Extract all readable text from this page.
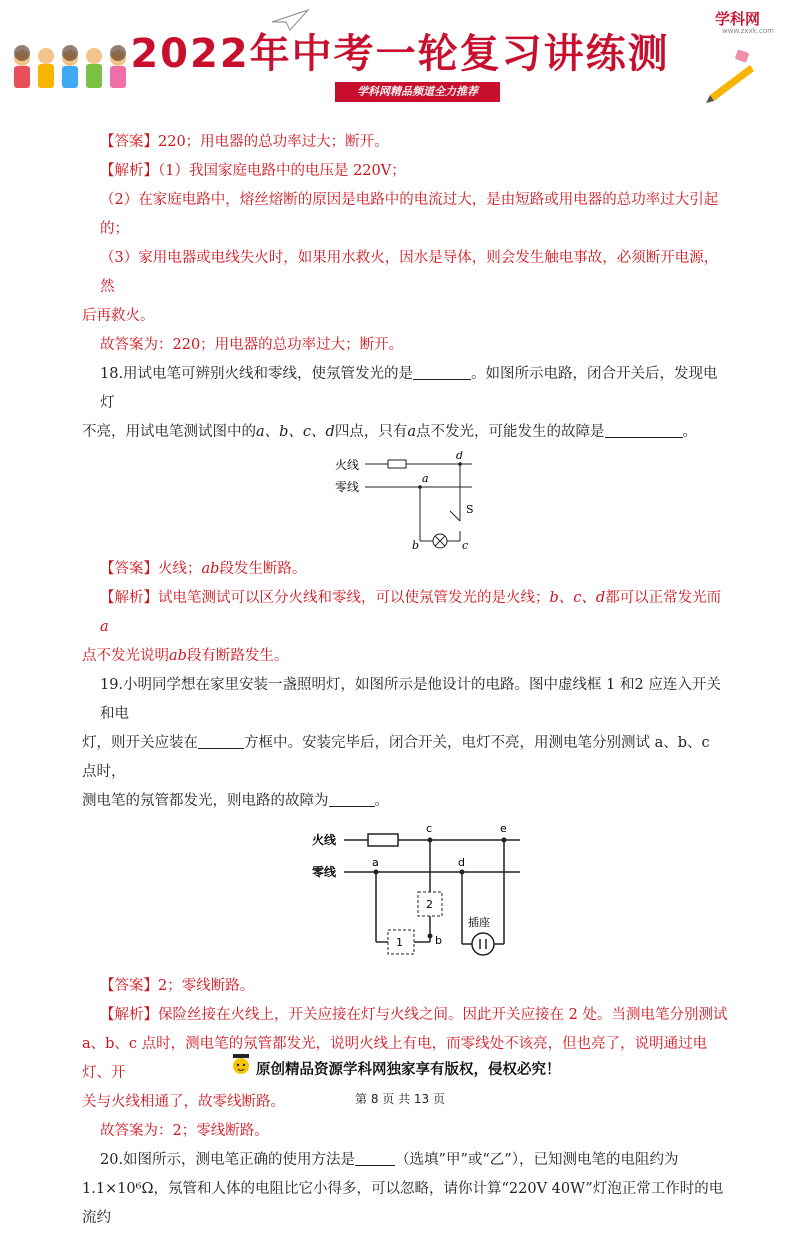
2022年中考一轮复习讲练测
学科网精品频道全力推荐
学科网
www.zxxk.com

【答案】220；用电器的总功率过大；断开。

【解析】（1）我国家庭电路中的电压是 220V；

（2）在家庭电路中，熔丝熔断的原因是电路中的电流过大，是由短路或用电器的总功率过大引起的；

（3）家用电器或电线失火时，如果用水救火，因水是导体，则会发生触电事故，必须断开电源，然

后再救火。

故答案为：220；用电器的总功率过大；断开。

18.用试电笔可辨别火线和零线，使氖管发光的是	。如图所示电路，闭合开关后，发现电灯

不亮，用试电笔测试图中的a、b、c、d四点，只有a点不发光，可能发生的故障是	。

火线
零线
a
d
b	c
S

【答案】火线；ab段发生断路。

【解析】试电笔测试可以区分火线和零线，可以使氖管发光的是火线；b、c、d都可以正常发光而a

点不发光说明ab段有断路发生。

19.小明同学想在家里安装一盏照明灯，如图所示是他设计的电路。图中虚线框 1 和2 应连入开关和电

灯，则开关应装在	方框中。安装完毕后，闭合开关，电灯不亮，用测电笔分别测试 a、b、c 点时，

测电笔的氖管都发光，则电路的故障为	。

火线
零线
2
1
插座
a
c
d
e
b

【答案】2；零线断路。

【解析】保险丝接在火线上，开关应接在灯与火线之间。因此开关应接在 2 处。当测电笔分别测试

a、b、c 点时，测电笔的氖管都发光，说明火线上有电，而零线处不该亮，但也亮了，说明通过电灯、开

关与火线相通了，故零线断路。

故答案为：2；零线断路。

20.如图所示，测电笔正确的使用方法是	（选填”甲”或“乙”），已知测电笔的电阻约为

1.1×10⁶Ω，氖管和人体的电阻比它小得多，可以忽略，请你计算“220V 40W”灯泡正常工作时的电流约

原创精品资源学科网独家享有版权，侵权必究！
第 8 页 共 13 页
